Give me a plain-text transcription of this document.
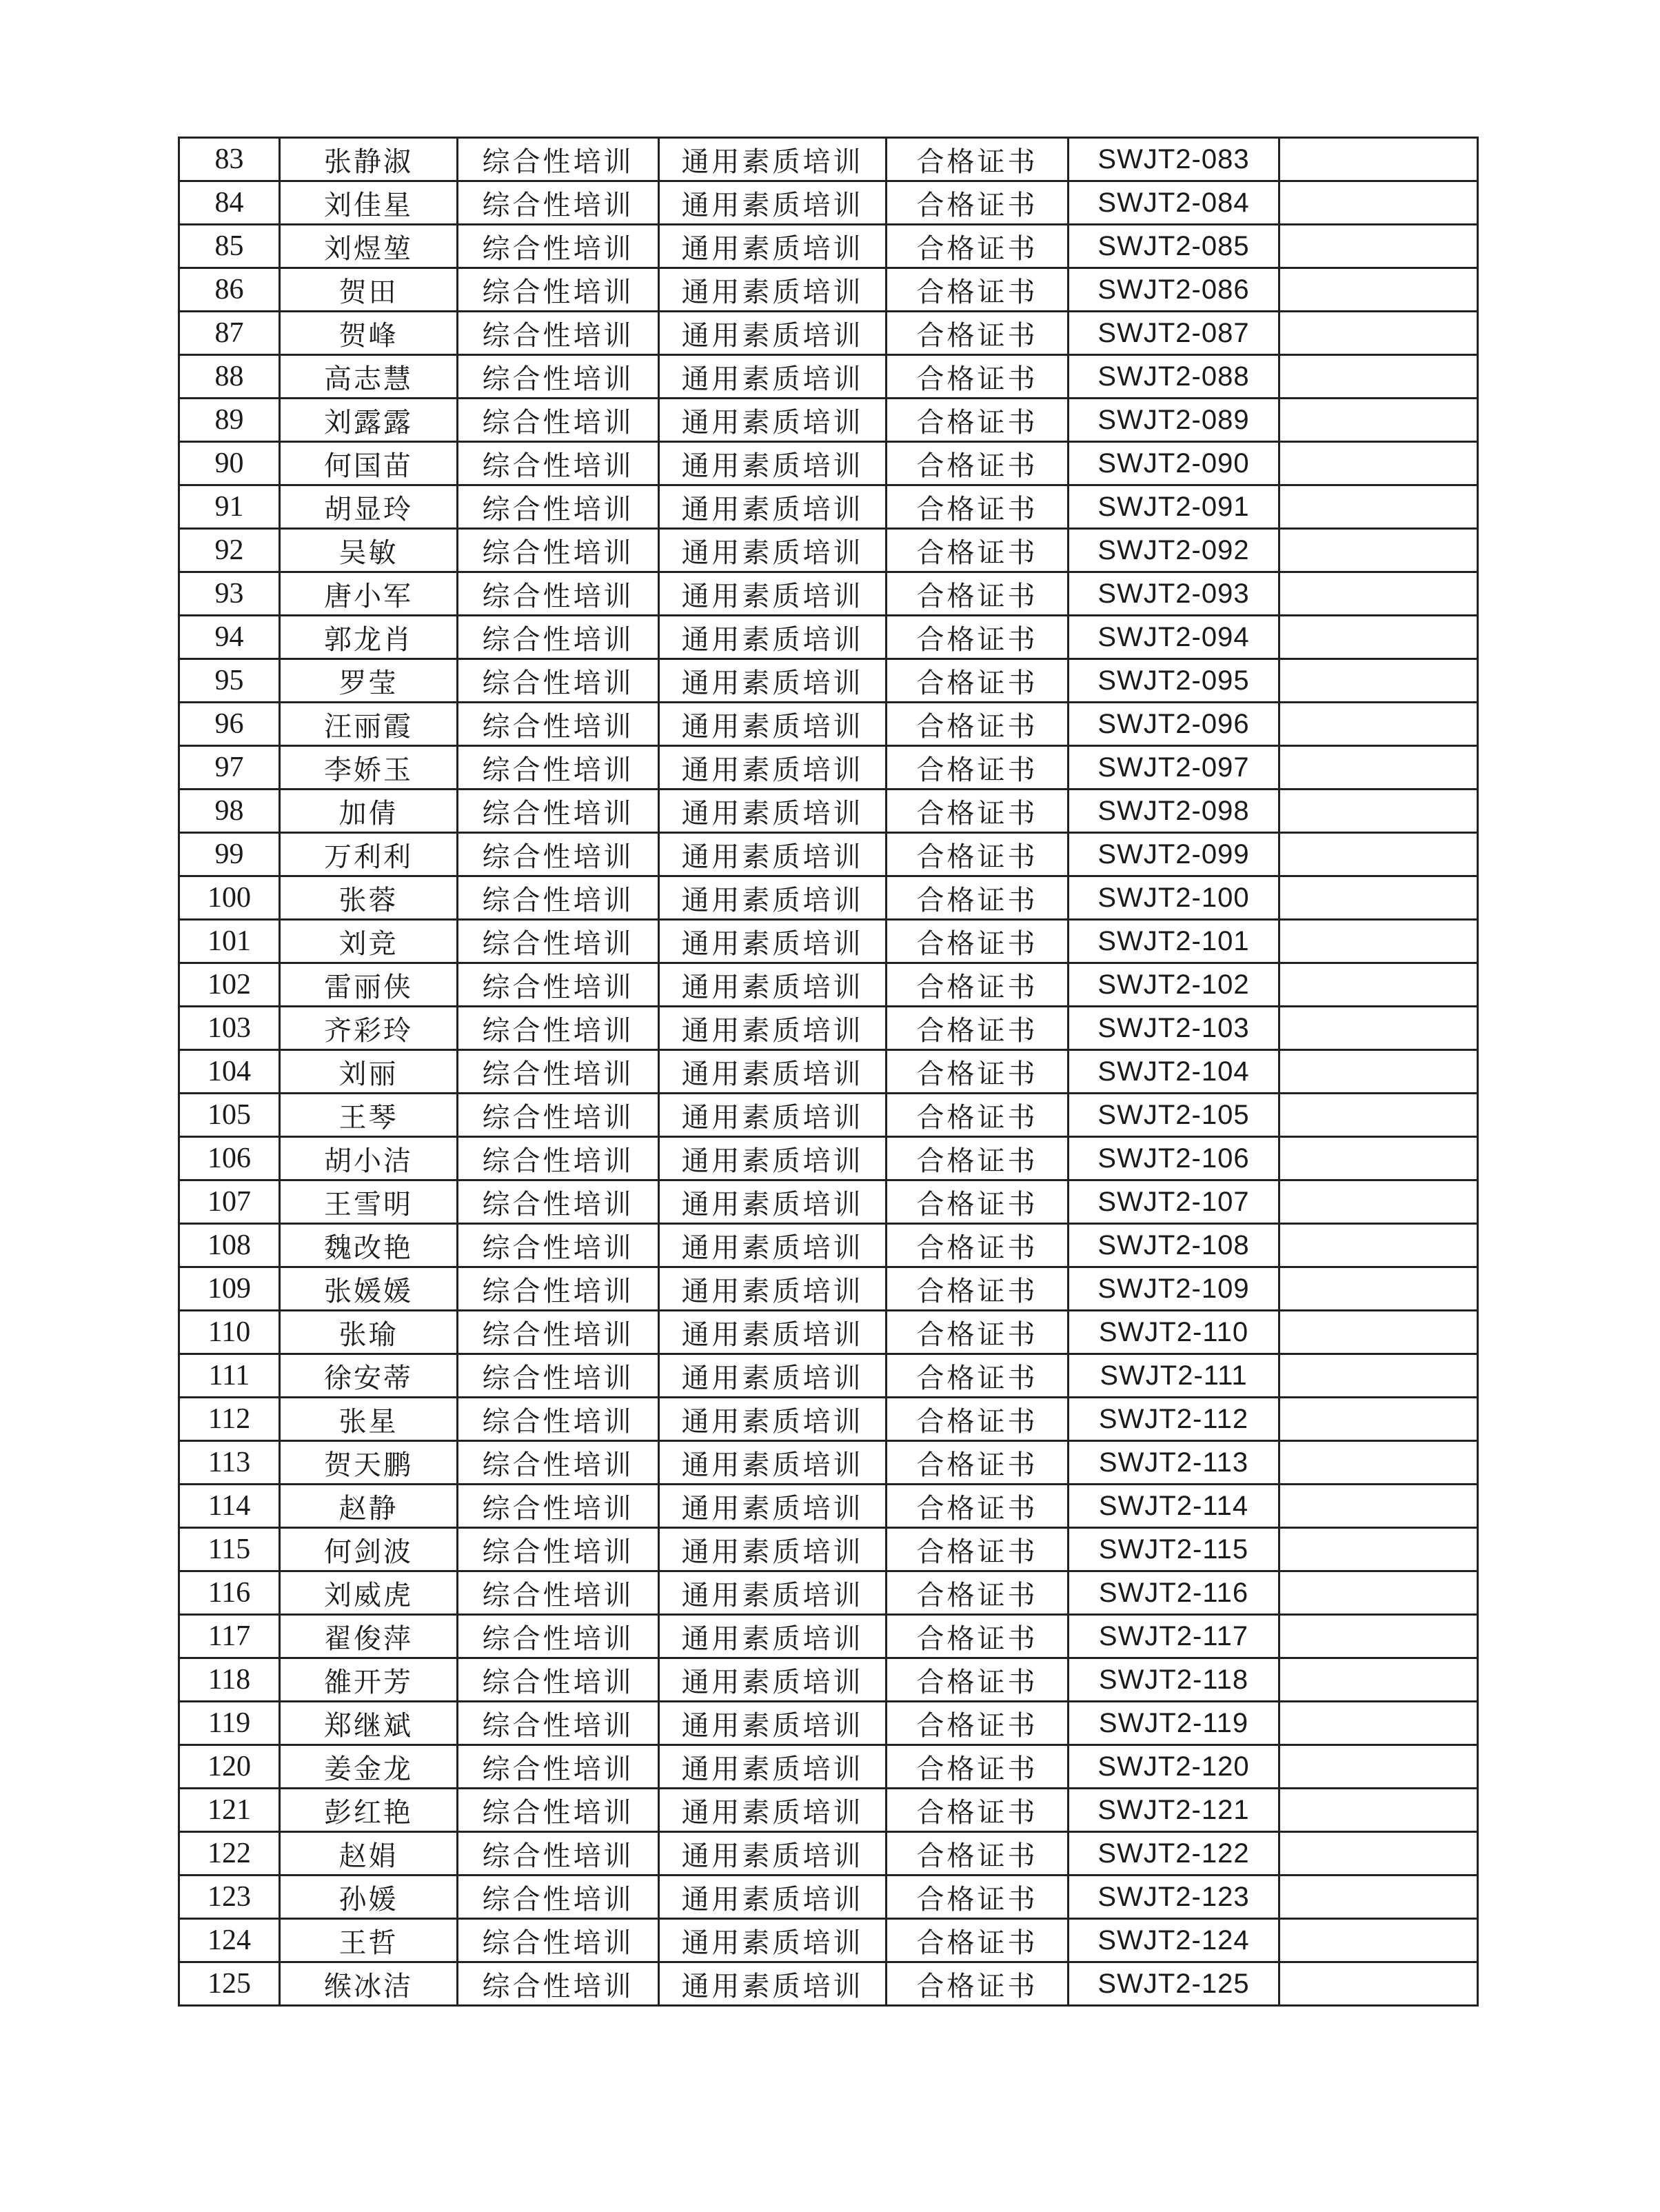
83	张静淑	综合性培训	通用素质培训	合格证书	SWJT2-083	
84	刘佳星	综合性培训	通用素质培训	合格证书	SWJT2-084	
85	刘煜堃	综合性培训	通用素质培训	合格证书	SWJT2-085	
86	贺田	综合性培训	通用素质培训	合格证书	SWJT2-086	
87	贺峰	综合性培训	通用素质培训	合格证书	SWJT2-087	
88	高志慧	综合性培训	通用素质培训	合格证书	SWJT2-088	
89	刘露露	综合性培训	通用素质培训	合格证书	SWJT2-089	
90	何国苗	综合性培训	通用素质培训	合格证书	SWJT2-090	
91	胡显玲	综合性培训	通用素质培训	合格证书	SWJT2-091	
92	吴敏	综合性培训	通用素质培训	合格证书	SWJT2-092	
93	唐小军	综合性培训	通用素质培训	合格证书	SWJT2-093	
94	郭龙肖	综合性培训	通用素质培训	合格证书	SWJT2-094	
95	罗莹	综合性培训	通用素质培训	合格证书	SWJT2-095	
96	汪丽霞	综合性培训	通用素质培训	合格证书	SWJT2-096	
97	李娇玉	综合性培训	通用素质培训	合格证书	SWJT2-097	
98	加倩	综合性培训	通用素质培训	合格证书	SWJT2-098	
99	万利利	综合性培训	通用素质培训	合格证书	SWJT2-099	
100	张蓉	综合性培训	通用素质培训	合格证书	SWJT2-100	
101	刘竞	综合性培训	通用素质培训	合格证书	SWJT2-101	
102	雷丽侠	综合性培训	通用素质培训	合格证书	SWJT2-102	
103	齐彩玲	综合性培训	通用素质培训	合格证书	SWJT2-103	
104	刘丽	综合性培训	通用素质培训	合格证书	SWJT2-104	
105	王琴	综合性培训	通用素质培训	合格证书	SWJT2-105	
106	胡小洁	综合性培训	通用素质培训	合格证书	SWJT2-106	
107	王雪明	综合性培训	通用素质培训	合格证书	SWJT2-107	
108	魏改艳	综合性培训	通用素质培训	合格证书	SWJT2-108	
109	张媛媛	综合性培训	通用素质培训	合格证书	SWJT2-109	
110	张瑜	综合性培训	通用素质培训	合格证书	SWJT2-110	
111	徐安蒂	综合性培训	通用素质培训	合格证书	SWJT2-111	
112	张星	综合性培训	通用素质培训	合格证书	SWJT2-112	
113	贺天鹏	综合性培训	通用素质培训	合格证书	SWJT2-113	
114	赵静	综合性培训	通用素质培训	合格证书	SWJT2-114	
115	何剑波	综合性培训	通用素质培训	合格证书	SWJT2-115	
116	刘威虎	综合性培训	通用素质培训	合格证书	SWJT2-116	
117	翟俊萍	综合性培训	通用素质培训	合格证书	SWJT2-117	
118	雒开芳	综合性培训	通用素质培训	合格证书	SWJT2-118	
119	郑继斌	综合性培训	通用素质培训	合格证书	SWJT2-119	
120	姜金龙	综合性培训	通用素质培训	合格证书	SWJT2-120	
121	彭红艳	综合性培训	通用素质培训	合格证书	SWJT2-121	
122	赵娟	综合性培训	通用素质培训	合格证书	SWJT2-122	
123	孙媛	综合性培训	通用素质培训	合格证书	SWJT2-123	
124	王哲	综合性培训	通用素质培训	合格证书	SWJT2-124	
125	缑冰洁	综合性培训	通用素质培训	合格证书	SWJT2-125	
